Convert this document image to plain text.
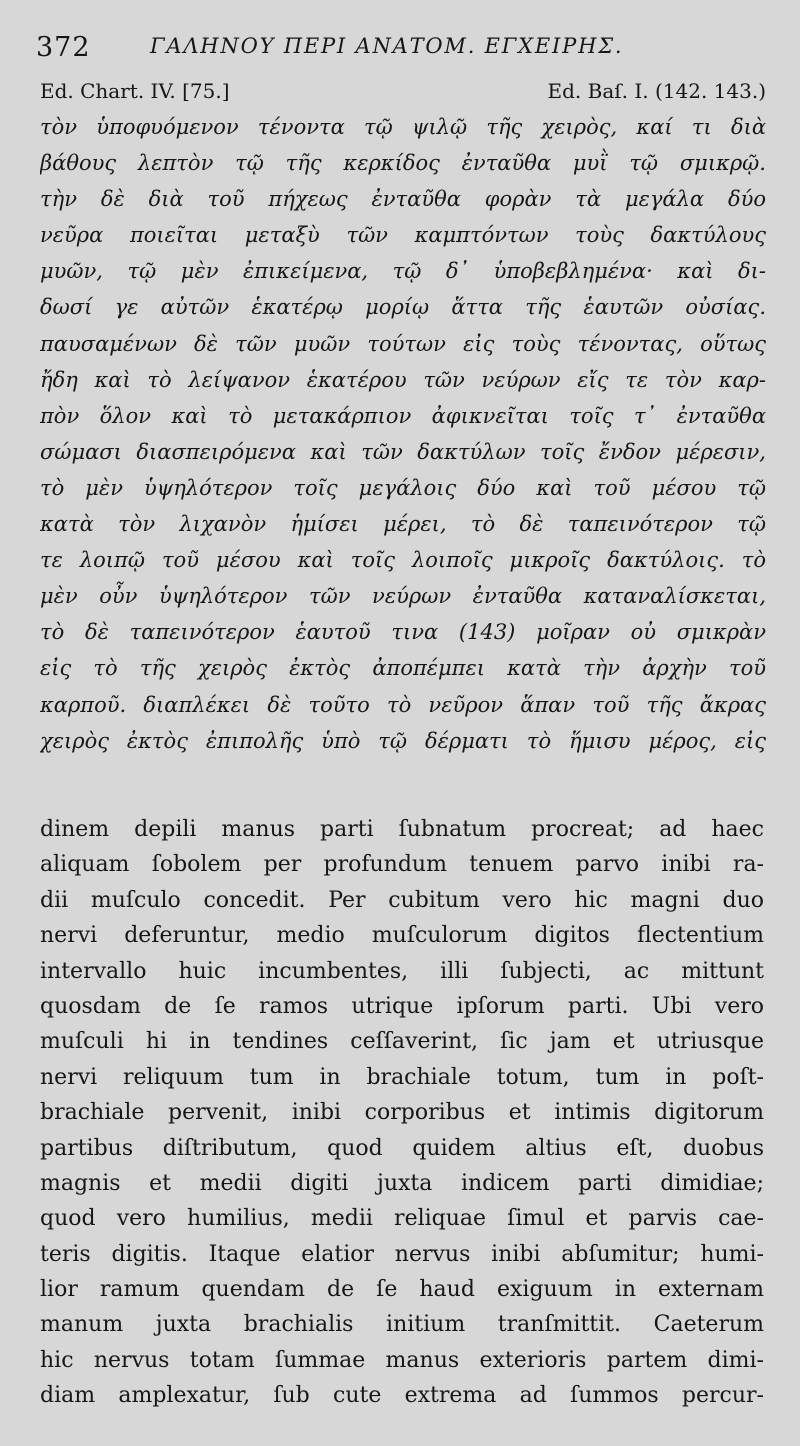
372	ΓΑΛΗΝΟΥ ΠΕΡΙ ΑΝΑΤΟΜ. ΕΓΧΕΙΡΗΣ.
Ed. Chart. IV. [75.]	Ed. Baſ. I. (142. 143.)
τὸν ὑποφυόμενον τένοντα τῷ ψιλῷ τῆς χειρὸς, καί τι διὰ
βάθους λεπτὸν τῷ τῆς κερκίδος ἐνταῦθα μυῒ τῷ σμικρῷ.
τὴν δὲ διὰ τοῦ πήχεως ἐνταῦθα φορὰν τὰ μεγάλα δύο
νεῦρα ποιεῖται μεταξὺ τῶν καμπτόντων τοὺς δακτύλους
μυῶν, τῷ μὲν ἐπικείμενα, τῷ δ᾽ ὑποβεβλημένα· καὶ δι-
δωσί γε αὐτῶν ἑκατέρῳ μορίῳ ἅττα τῆς ἑαυτῶν οὐσίας.
παυσαμένων δὲ τῶν μυῶν τούτων εἰς τοὺς τένοντας, οὕτως
ἤδη καὶ τὸ λείψανον ἑκατέρου τῶν νεύρων εἴς τε τὸν καρ-
πὸν ὅλον καὶ τὸ μετακάρπιον ἀφικνεῖται τοῖς τ᾽ ἐνταῦθα
σώμασι διασπειρόμενα καὶ τῶν δακτύλων τοῖς ἔνδον μέρεσιν,
τὸ μὲν ὑψηλότερον τοῖς μεγάλοις δύο καὶ τοῦ μέσου τῷ
κατὰ τὸν λιχανὸν ἡμίσει μέρει, τὸ δὲ ταπεινότερον τῷ
τε λοιπῷ τοῦ μέσου καὶ τοῖς λοιποῖς μικροῖς δακτύλοις. τὸ
μὲν οὖν ὑψηλότερον τῶν νεύρων ἐνταῦθα καταναλίσκεται,
τὸ δὲ ταπεινότερον ἑαυτοῦ τινα (143) μοῖραν οὐ σμικρὰν
εἰς τὸ τῆς χειρὸς ἐκτὸς ἀποπέμπει κατὰ τὴν ἀρχὴν τοῦ
καρποῦ. διαπλέκει δὲ τοῦτο τὸ νεῦρον ἅπαν τοῦ τῆς ἄκρας
χειρὸς ἐκτὸς ἐπιπολῆς ὑπὸ τῷ δέρματι τὸ ἥμισυ μέρος, εἰς
dinem depili manus parti ſubnatum procreat; ad haec
aliquam ſobolem per profundum tenuem parvo inibi ra-
dii muſculo concedit. Per cubitum vero hic magni duo
nervi deferuntur, medio muſculorum digitos flectentium
intervallo huic incumbentes, illi ſubjecti, ac mittunt
quosdam de ſe ramos utrique ipſorum parti. Ubi vero
muſculi hi in tendines ceſſaverint, ſic jam et utriusque
nervi reliquum tum in brachiale totum, tum in poſt-
brachiale pervenit, inibi corporibus et intimis digitorum
partibus diſtributum, quod quidem altius eſt, duobus
magnis et medii digiti juxta indicem parti dimidiae;
quod vero humilius, medii reliquae ſimul et parvis cae-
teris digitis. Itaque elatior nervus inibi abſumitur; humi-
lior ramum quendam de ſe haud exiguum in externam
manum juxta brachialis initium tranſmittit. Caeterum
hic nervus totam ſummae manus exterioris partem dimi-
diam amplexatur, ſub cute extrema ad ſummos percur-
